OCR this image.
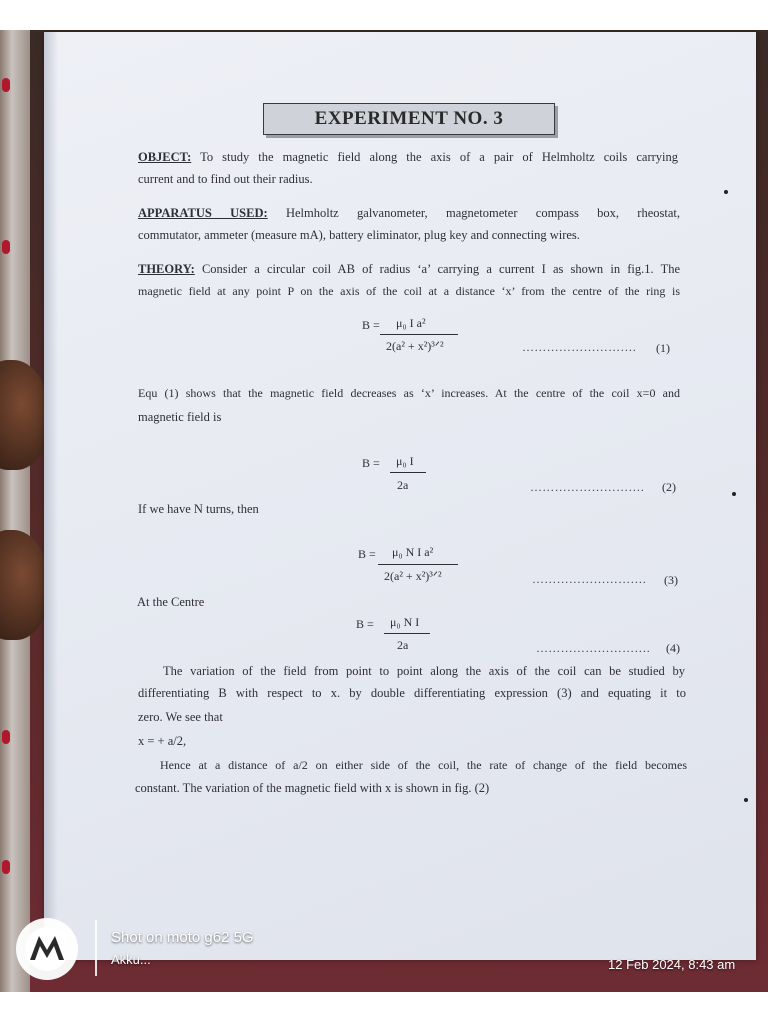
EXPERIMENT NO. 3
OBJECT: To study the magnetic field along the axis of a pair of Helmholtz coils carrying
current and to find out their radius.
APPARATUS USED: Helmholtz galvanometer, magnetometer compass box, rheostat,
commutator, ammeter (measure mA), battery eliminator, plug key and connecting wires.
THEORY: Consider a circular coil AB of radius ‘a’ carrying a current I as shown in fig.1. The
magnetic field at any point P on the axis of the coil at a distance ‘x’ from the centre of the ring is
B = μ₀ I a²
2(a² + x²)³ᐟ²	………………………. (1)
Equ (1) shows that the magnetic field decreases as ‘x’ increases. At the centre of the coil x=0 and
magnetic field is
B = μ₀ I
2a	………………………. (2)
If we have N turns, then
B = μ₀ N I a²
2(a² + x²)³ᐟ²	………………………. (3)
At the Centre
B = μ₀ N I
2a	………………………. (4)
The variation of the field from point to point along the axis of the coil can be studied by
differentiating B with respect to x. by double differentiating expression (3) and equating it to
zero. We see that
x = + a/2,
Hence at a distance of a/2 on either side of the coil, the rate of change of the field becomes
constant. The variation of the magnetic field with x is shown in fig. (2)
Shot on moto g62 5G
Akku...	12 Feb 2024, 8:43 am
